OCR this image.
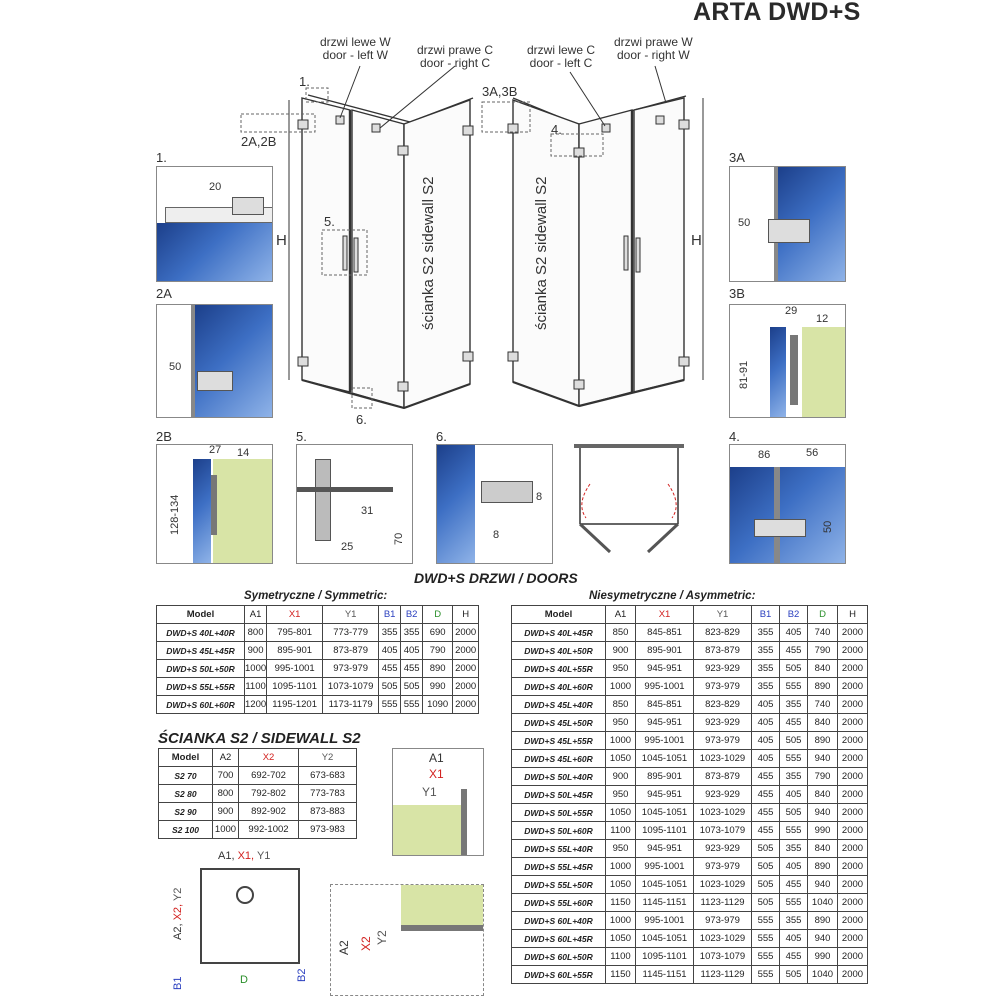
ARTA DWD+S
drzwi lewe W
door - left W drzwi prawe C
door - right C
drzwi lewe C
door - left C
drzwi prawe W
door - right W
ścianka S2 sidewall S2	ścianka S2 sidewall S2
1.
2A,2B
3A,3B
4.
5.
6.
H	H
1.
20
2A
50
2B
27 14
128-134
3A
50
3B
29
12
81-91
5.
31
25
70
6.
8
8
4.
86	56
50
DWD+S DRZWI / DOORS
Symetryczne / Symmetric:
Model	A1	X1	Y1	B1	B2	D	H
DWD+S 40L+40R	800	795-801	773-779	355	355	690	2000
DWD+S 45L+45R	900	895-901	873-879	405	405	790	2000
DWD+S 50L+50R	1000	995-1001	973-979	455	455	890	2000
DWD+S 55L+55R	1100	1095-1101	1073-1079	505	505	990	2000
DWD+S 60L+60R	1200	1195-1201	1173-1179	555	555	1090	2000
ŚCIANKA S2 / SIDEWALL S2
Model	A2	X2	Y2
S2 70	700	692-702	673-683
S2 80	800	792-802	773-783
S2 90	900	892-902	873-883
S2 100	1000	992-1002	973-983
Niesymetryczne / Asymmetric:
Model	A1	X1	Y1	B1	B2	D	H
DWD+S 40L+45R	850	845-851	823-829	355	405	740	2000
DWD+S 40L+50R	900	895-901	873-879	355	455	790	2000
DWD+S 40L+55R	950	945-951	923-929	355	505	840	2000
DWD+S 40L+60R	1000	995-1001	973-979	355	555	890	2000
DWD+S 45L+40R	850	845-851	823-829	405	355	740	2000
DWD+S 45L+50R	950	945-951	923-929	405	455	840	2000
DWD+S 45L+55R	1000	995-1001	973-979	405	505	890	2000
DWD+S 45L+60R	1050	1045-1051	1023-1029	405	555	940	2000
DWD+S 50L+40R	900	895-901	873-879	455	355	790	2000
DWD+S 50L+45R	950	945-951	923-929	455	405	840	2000
DWD+S 50L+55R	1050	1045-1051	1023-1029	455	505	940	2000
DWD+S 50L+60R	1100	1095-1101	1073-1079	455	555	990	2000
DWD+S 55L+40R	950	945-951	923-929	505	355	840	2000
DWD+S 55L+45R	1000	995-1001	973-979	505	405	890	2000
DWD+S 55L+50R	1050	1045-1051	1023-1029	505	455	940	2000
DWD+S 55L+60R	1150	1145-1151	1123-1129	505	555	1040	2000
DWD+S 60L+40R	1000	995-1001	973-979	555	355	890	2000
DWD+S 60L+45R	1050	1045-1051	1023-1029	555	405	940	2000
DWD+S 60L+50R	1100	1095-1101	1073-1079	555	455	990	2000
DWD+S 60L+55R	1150	1145-1151	1123-1129	555	505	1040	2000
A1
X1
Y1
A1, X1, Y1
A2, X2, Y2
B1
B2
D
A2 X2 Y2
